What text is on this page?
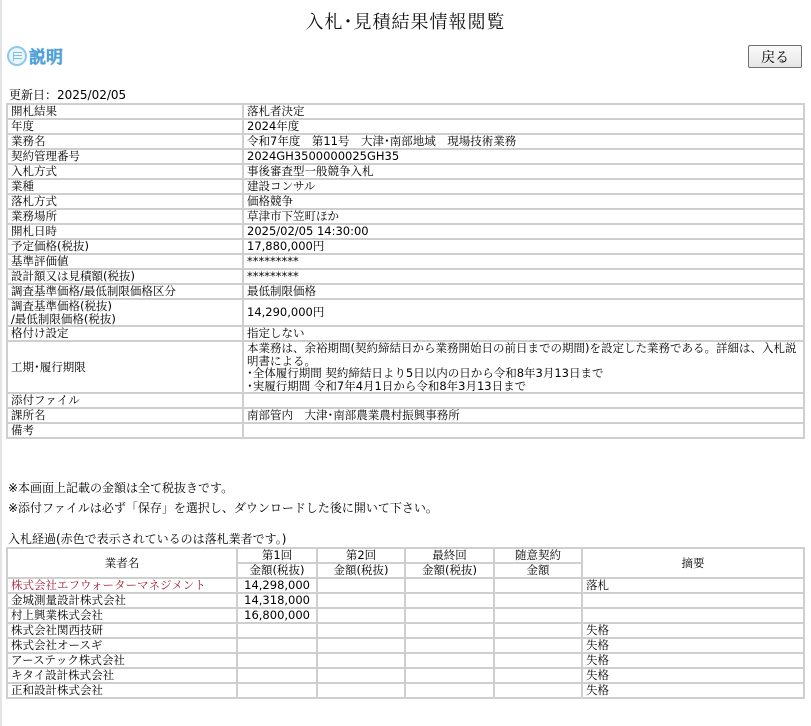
入札･見積結果情報閲覧
説明	戻る
更新日：2025/02/05
開札結果	落札者決定
年度	2024年度
業務名	令和7年度　第11号　大津･南部地域　現場技術業務
契約管理番号	2024GH3500000025GH35
入札方式	事後審査型一般競争入札
業種	建設コンサル
落札方式	価格競争
業務場所	草津市下笠町ほか
開札日時	2025/02/05 14:30:00
予定価格(税抜)	17,880,000円
基準評価値	*********
設計額又は見積額(税抜)	*********
調査基準価格/最低制限価格区分	最低制限価格

調査基準価格(税抜)
/最低制限価格(税抜)	14,290,000円
格付け設定	指定しない
工期･履行期限	本業務は、余裕期間(契約締結日から業務開始日の前日までの期間)を設定した業務である。詳細は、入札説明書による。
･全体履行期間 契約締結日より5日以内の日から令和8年3月13日まで
･実履行期間 令和7年4月1日から令和8年3月13日まで

添付ファイル	
課所名	南部管内　大津･南部農業農村振興事務所
備考	
※本画面上記載の金額は全て税抜きです。
※添付ファイルは必ず「保存」を選択し、ダウンロードした後に開いて下さい。
入札経過(赤色で表示されているのは落札業者です。)
業者名	第1回	第2回	最終回	随意契約	摘要
	金額(税抜)	金額(税抜)	金額(税抜)	金額	
株式会社エフウォーターマネジメント	14,298,000				落札
金城測量設計株式会社	14,318,000				
村上興業株式会社	16,800,000				
株式会社関西技研					失格
株式会社オースギ					失格
アーステック株式会社					失格
キタイ設計株式会社					失格
正和設計株式会社					失格
